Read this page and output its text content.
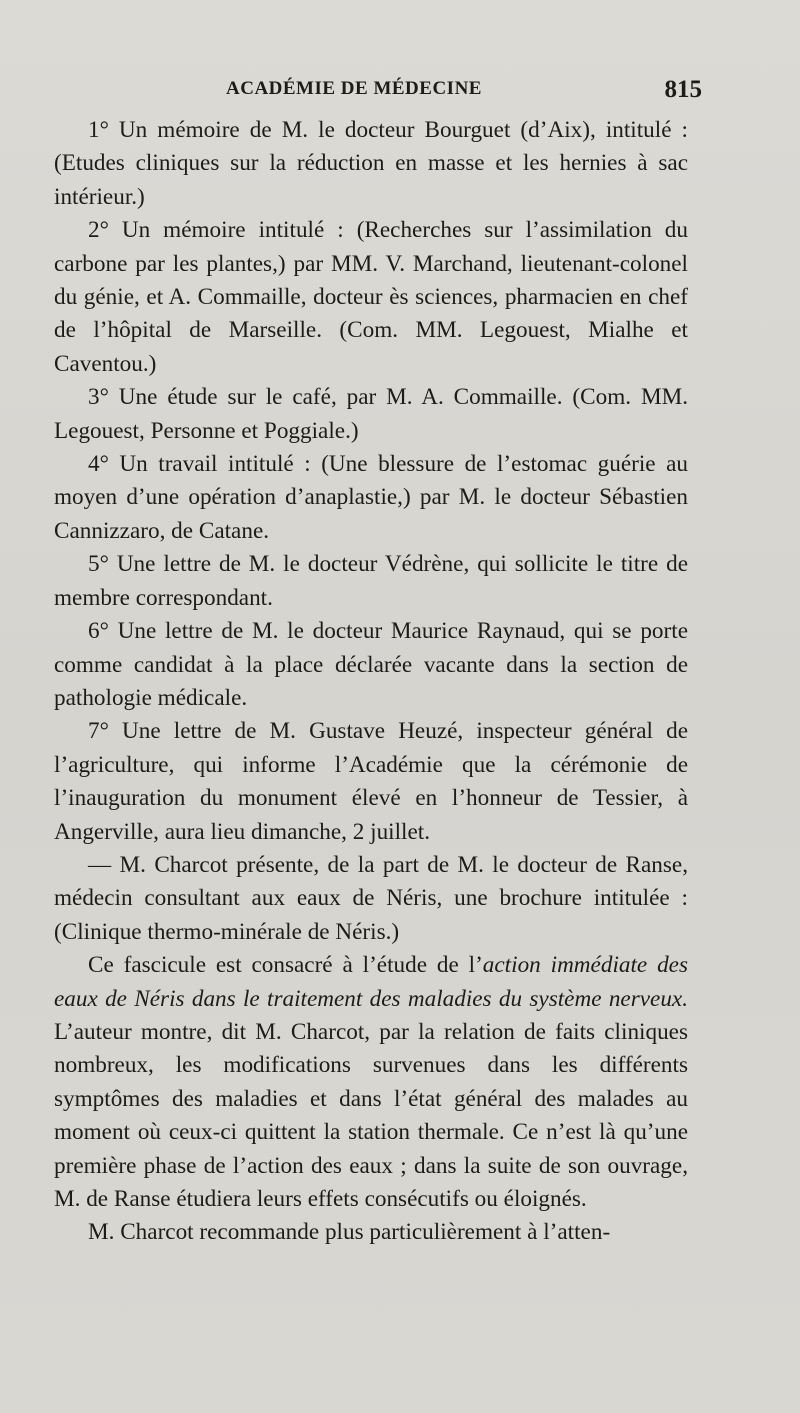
ACADÉMIE DE MÉDECINE	815

1° Un mémoire de M. le docteur Bourguet (d’Aix), intitulé : (Etudes cliniques sur la réduction en masse et les hernies à sac intérieur.)

2° Un mémoire intitulé : (Recherches sur l’assimilation du carbone par les plantes,) par MM. V. Marchand, lieutenant-colonel du génie, et A. Commaille, docteur ès sciences, pharmacien en chef de l’hôpital de Marseille. (Com. MM. Legouest, Mialhe et Caventou.)

3° Une étude sur le café, par M. A. Commaille. (Com. MM. Legouest, Personne et Poggiale.)

4° Un travail intitulé : (Une blessure de l’estomac guérie au moyen d’une opération d’anaplastie,) par M. le docteur Sébastien Cannizzaro, de Catane.

5° Une lettre de M. le docteur Védrène, qui sollicite le titre de membre correspondant.

6° Une lettre de M. le docteur Maurice Raynaud, qui se porte comme candidat à la place déclarée vacante dans la section de pathologie médicale.

7° Une lettre de M. Gustave Heuzé, inspecteur général de l’agriculture, qui informe l’Académie que la cérémonie de l’inauguration du monument élevé en l’honneur de Tessier, à Angerville, aura lieu dimanche, 2 juillet.

— M. Charcot présente, de la part de M. le docteur de Ranse, médecin consultant aux eaux de Néris, une brochure intitulée : (Clinique thermo-minérale de Néris.)

Ce fascicule est consacré à l’étude de l’action immédiate des eaux de Néris dans le traitement des maladies du système nerveux. L’auteur montre, dit M. Charcot, par la relation de faits cliniques nombreux, les modifications survenues dans les différents symptômes des maladies et dans l’état général des malades au moment où ceux-ci quittent la station thermale. Ce n’est là qu’une première phase de l’action des eaux ; dans la suite de son ouvrage, M. de Ranse étudiera leurs effets consécutifs ou éloignés.

M. Charcot recommande plus particulièrement à l’atten-
